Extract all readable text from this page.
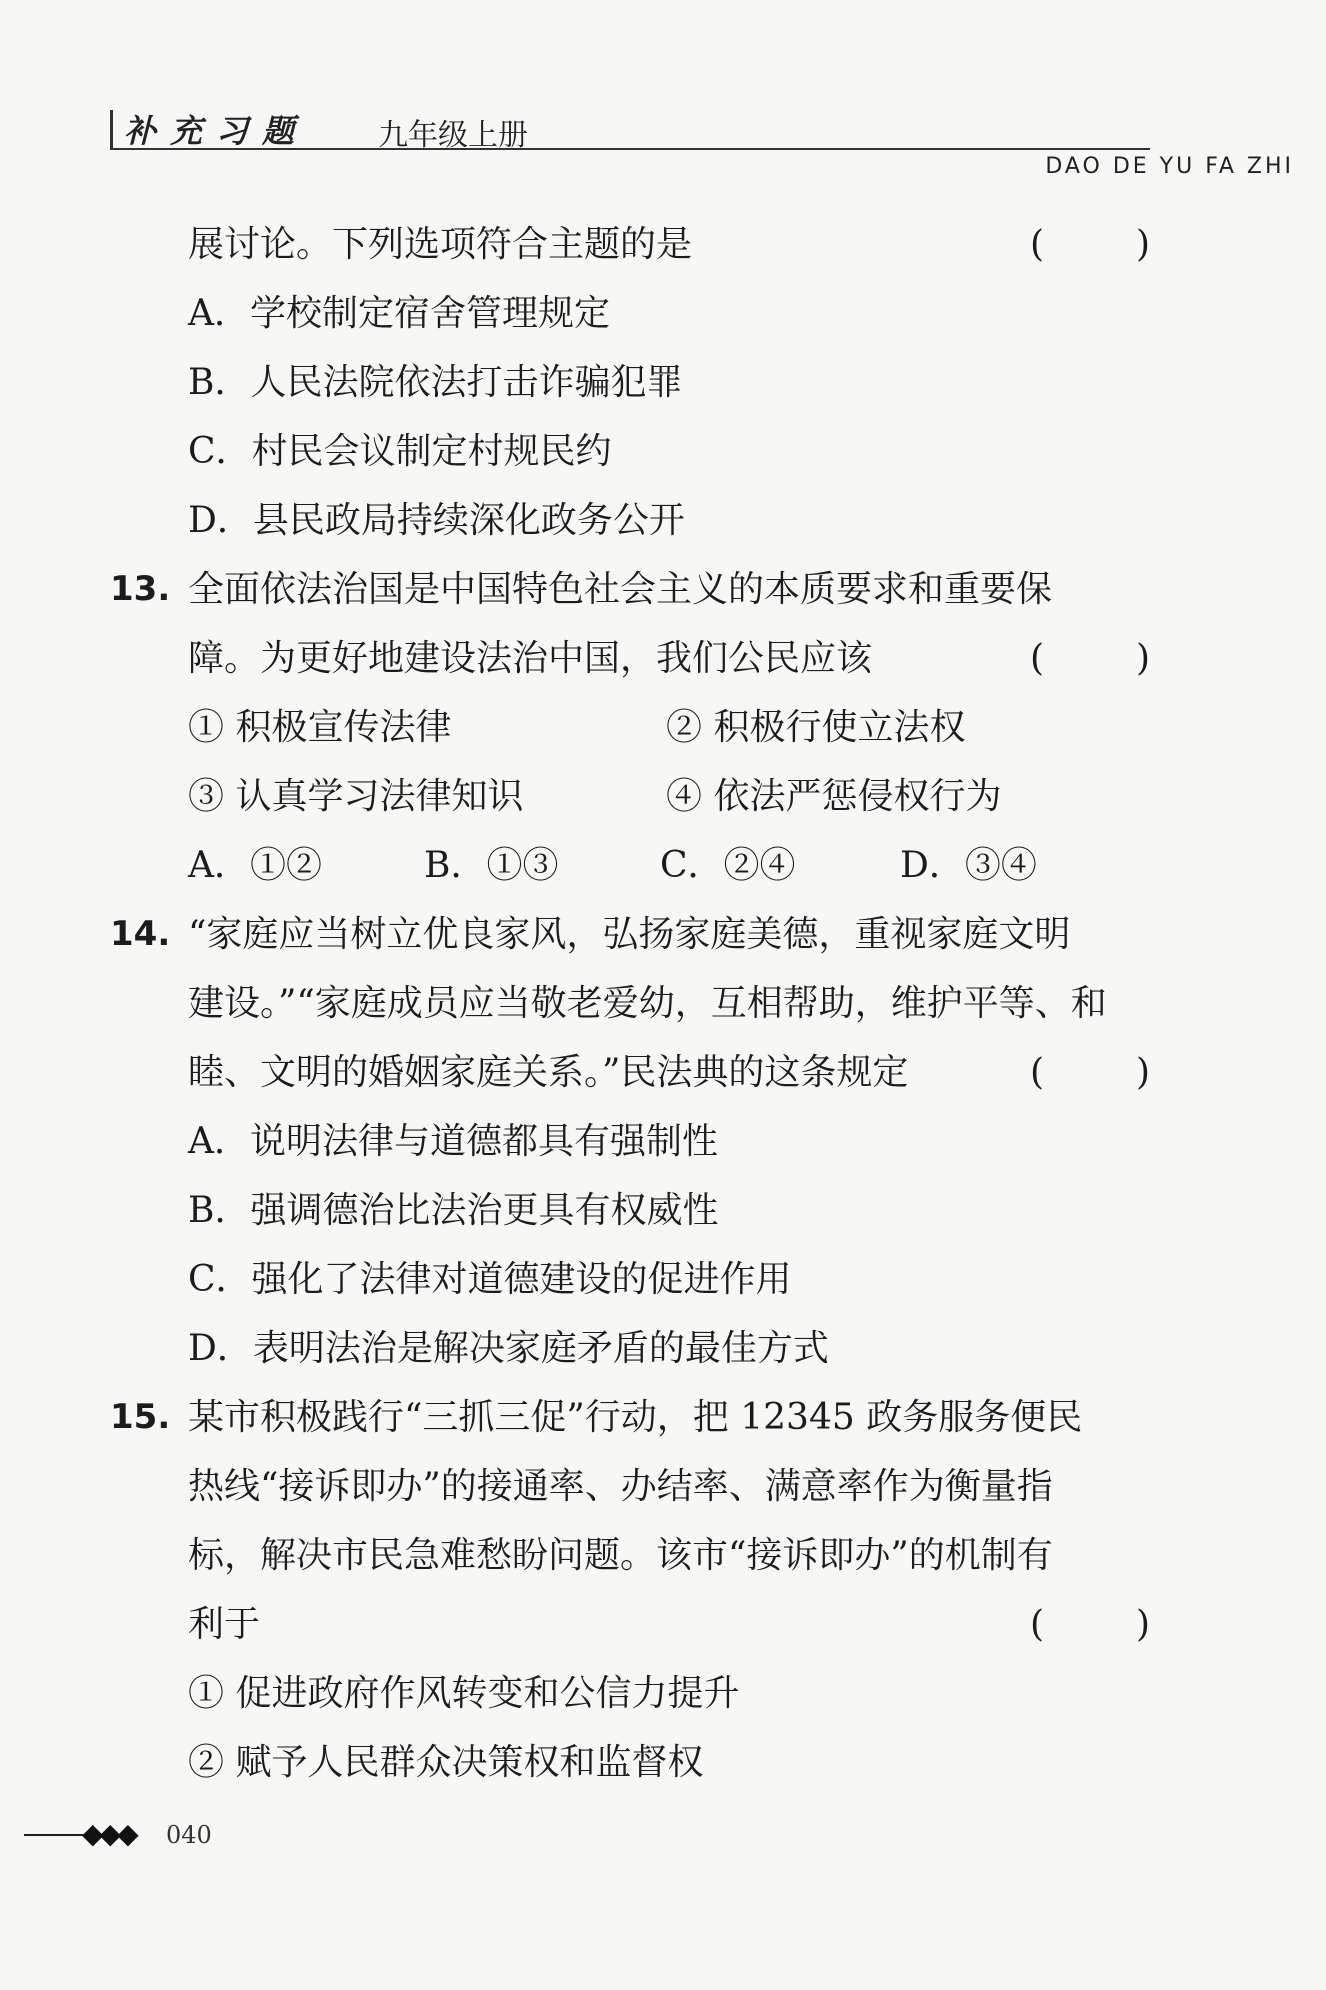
补充习题 九年级上册
DAO DE YU FA ZHI
展讨论。下列选项符合主题的是	(	)
A．学校制定宿舍管理规定
B．人民法院依法打击诈骗犯罪
C．村民会议制定村规民约
D．县民政局持续深化政务公开
13. 全面依法治国是中国特色社会主义的本质要求和重要保
障。为更好地建设法治中国，我们公民应该	(	)
① 积极宣传法律	② 积极行使立法权
③ 认真学习法律知识	④ 依法严惩侵权行为
A．①②	B．①③	C．②④	D．③④
14. “家庭应当树立优良家风，弘扬家庭美德，重视家庭文明
建设。”“家庭成员应当敬老爱幼，互相帮助，维护平等、和
睦、文明的婚姻家庭关系。”民法典的这条规定	(	)
A．说明法律与道德都具有强制性
B．强调德治比法治更具有权威性
C．强化了法律对道德建设的促进作用
D．表明法治是解决家庭矛盾的最佳方式
15. 某市积极践行“三抓三促”行动，把 12345 政务服务便民
热线“接诉即办”的接通率、办结率、满意率作为衡量指
标，解决市民急难愁盼问题。该市“接诉即办”的机制有
利于	(	)
① 促进政府作风转变和公信力提升
② 赋予人民群众决策权和监督权
◆◆◆ 040
